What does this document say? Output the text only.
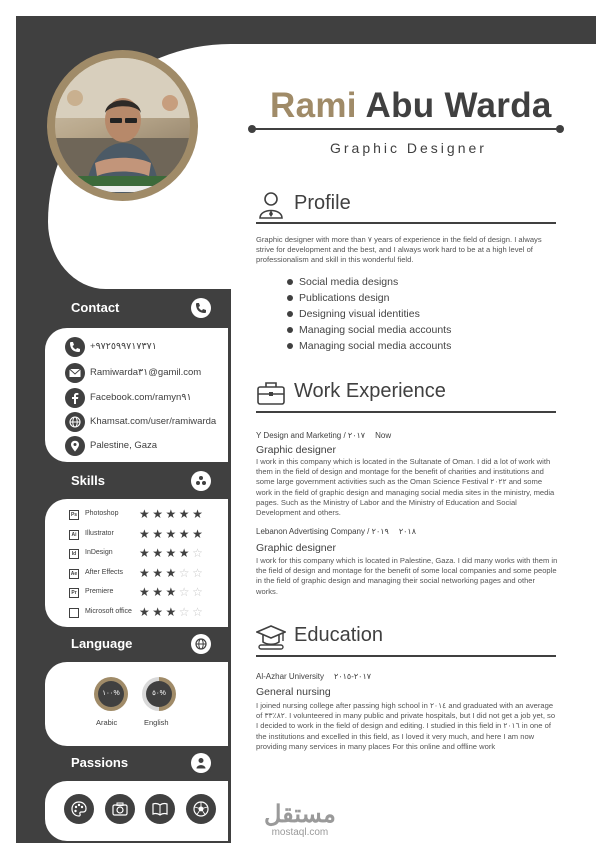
Rami Abu Warda
Graphic Designer
Profile
Graphic designer with more than ٧ years of experience in the field of design. I always strive for development and the best, and I always work hard to be at a high level of professionalism and skill in this wonderful field.
Social media designs
Publications design
Designing visual identities
Managing social media accounts
Managing social media accounts
Work Experience
Y Design and Marketing / ٢٠١٧ Now
Graphic designer
I work in this company which is located in the Sultanate of Oman. I did a lot of work with them in the field of design and montage for the benefit of charities and institutions and some large government activities such as the Oman Science Festival ٢٠٢٢ and some work in the field of graphic design and managing social media sites in the ministry, media pages. Such as the Ministry of Labor and the Ministry of Education and Social Development and others.
Lebanon Advertising Company / ٢٠١٨٢٠١٩
Graphic designer
I work for this company which is located in Palestine, Gaza. I did many works with them in the field of design and montage for the benefit of some local companies and some people in the field of graphic design and managing their social networking pages and other works.
Education
Al-Azhar University ٢٠١٧-٢٠١٥
General nursing
I joined nursing college after passing high school in ٢٠١٤ and graduated with an average of ٨٢٪٣٣. I volunteered in many public and private hospitals, but I did not get a job yet, so I decided to work in the field of design and editing. I studied in this field in ٢٠١٦ in one of the institutions and excelled in this field, as I loved it very much, and here I am now providing many services in many places For this online and offline work
Contact
+٩٧٢٥٩٩٧١٧٣٧١
Ramiwarda٣١@gamil.com
Facebook.com/ramyn٩١
Khamsat.com/user/ramiwarda
Palestine, Gaza
Skills
Ps Photoshop ★★★★★
Ai	Illustrator ★★★★★
Id	InDesign ★★★★☆
Ae After Effects ★★★☆☆
Pr	Premiere ★★★☆☆
Microsoft office ★★★☆☆
Language
١٠٠%
Arabic
٥٠%
English
Passions
مستقل
mostaql.com
